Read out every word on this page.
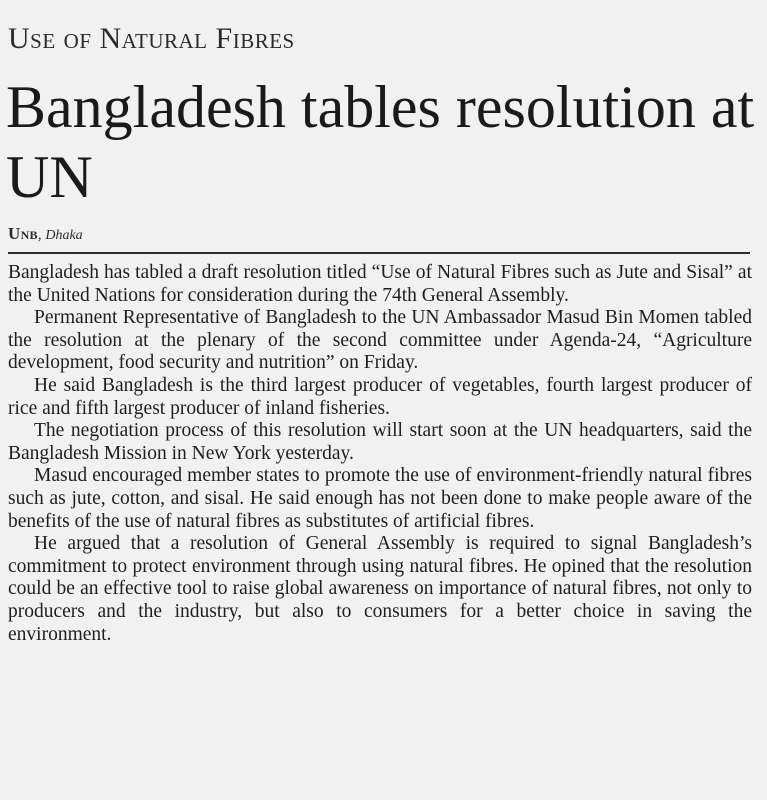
Use of Natural Fibres
Bangladesh tables resolution at UN
Unb, Dhaka

Bangladesh has tabled a draft resolution titled “Use of Natural Fibres such as Jute and Sisal” at the United Nations for consideration during the 74th General Assembly.

Permanent Representative of Bangladesh to the UN Ambassador Masud Bin Momen tabled the resolution at the plenary of the second committee under Agenda-24, “Agriculture development, food security and nutrition” on Friday.

He said Bangladesh is the third largest producer of vegetables, fourth largest producer of rice and fifth largest producer of inland fisheries.

The negotiation process of this resolution will start soon at the UN headquarters, said the Bangladesh Mission in New York yesterday.

Masud encouraged member states to promote the use of environment-friendly natural fibres such as jute, cotton, and sisal. He said enough has not been done to make people aware of the benefits of the use of natural fibres as substitutes of artificial fibres.

He argued that a resolution of General Assembly is required to signal Bangladesh’s commitment to protect environment through using natural fibres. He opined that the resolution could be an effective tool to raise global awareness on importance of natural fibres, not only to producers and the industry, but also to consumers for a better choice in saving the environment.
